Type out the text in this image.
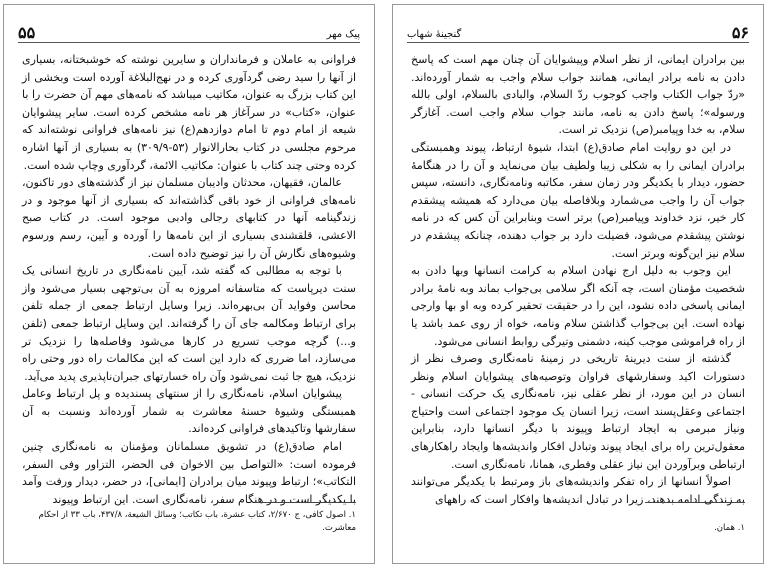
۵۵	پیک مهر

فراوانی به عاملان و فرمانداران و سایرین نوشته که خوشبختانه، بسیاری از آنها را سید رضی گردآوری کرده و در نهج‌البلاغة آورده است وبخشی از این کتاب بزرگ به عنوان، مکاتیب میباشد که نامه‌های مهم آن حضرت را با عنوان، «کتاب» در سرآغاز هر نامه مشخص کرده است. سایر پیشوایان شیعه از امام دوم تا امام دوازدهم(ع) نیز نامه‌های فراوانی نوشته‌اند که مرحوم مجلسی در کتاب بحارالانوار (۵۳-۳۰۹/۹) به بسیاری از آنها اشاره کرده وحتی چند کتاب با عنوان: مکاتیب الائمة، گردآوری وچاپ شده است.

عالمان، فقیهان، محدثان وادیبان مسلمان نیز از گذشته‌های دور تاکنون، نامه‌های فراوانی از خود باقی گذاشته‌اند که بسیاری از آنها موجود و در زندگینامه آنها در کتابهای رجالی وادبی موجود است. در کتاب صبح الاعشی، قلقشندی بسیاری از این نامه‌ها را آورده و آیین، رسم ورسوم وشیوه‌های نگارش آن را نیز توضیح داده است.

با توجه به مطالبی که گفته شد، آیین نامه‌نگاری در تاریخ انسانی یک سنت دیرپاست که متاسفانه امروزه به آن بی‌توجهی بسیار می‌شود واز محاسن وفواید آن بی‌بهره‌اند. زیرا وسایل ارتباط جمعی از جمله تلفن برای ارتباط ومکالمه جای آن را گرفته‌اند. این وسایل ارتباط جمعی (تلفن و...) گرچه موجب تسریع در کارها می‌شود وفاصله‌ها را نزدیک تر می‌سازد، اما ضرری که دارد این است که این مکالمات راه دور وحتی راه نزدیک، هیچ جا ثبت نمی‌شود وآن راه خسارتهای جبران‌ناپذیری پدید می‌آید.

پیشوایان اسلام، نامه‌نگاری را از سنتهای پسندیده و پل ارتباط وعامل همبستگی وشیوهٔ حسنهٔ معاشرت به شمار آورده‌اند ونسبت به آن سفارشها وتاکیدهای فراوانی کرده‌اند.

امام صادق(ع) در تشویق مسلمانان ومؤمنان به نامه‌نگاری چنین فرموده است: «التواصل بین الاخوان فی الحضر، التزاور وفی السفر، التکاتب»؛ ارتباط وپیوند میان برادران [ایمانی]، در حضر، دیدار ورفت وآمد با یکدیگر است و در هنگام سفر، نامه‌نگاری است. این ارتباط وپیوند

۱. اصول کافی، ج ۲/۶۷۰، کتاب عشرة، باب تکاتب؛ وسائل الشیعة، ۴۳۷/۸، باب ۳۳ از احکام معاشرت.
گنجینهٔ شهاب	۵۶

بین برادران ایمانی، از نظر اسلام وپیشوایان آن چنان مهم است که پاسخ دادن به نامه برادر ایمانی، همانند جواب سلام واجب به شمار آورده‌اند. «ردّ جواب الکتاب واجب کوجوب ردّ السلام، والبادی بالسلام، اولی بالله ورسوله»؛ پاسخ دادن به نامه، مانند جواب سلام واجب است. آغازگر سلام، به خدا وپیامبر(ص) نزدیک تر است.

در این دو روایت امام صادق(ع) ابتدا، شیوهٔ ارتباط، پیوند وهمبستگی برادران ایمانی را به شکلی زیبا ولطیف بیان می‌نماید و آن را در هنگامهٔ حضور، دیدار با یکدیگر ودر زمان سفر، مکاتبه ونامه‌نگاری، دانسته، سپس جواب آن را واجب می‌شمارد وبلافاصله بیان می‌دارد که همیشه پیشقدم کار خیر، نزد خداوند وپیامبر(ص) برتر است وبنابراین آن کس که در نامه نوشتن پیشقدم می‌شود، فضیلت دارد بر جواب دهنده، چنانکه پیشقدم در سلام نیز این‌گونه وبرتر است.

این وجوب به دلیل ارج نهادن اسلام به کرامت انسانها وبها دادن به شخصیت مؤمنان است، چه آنکه اگر سلامی بی‌جواب بماند وبه نامهٔ برادر ایمانی پاسخی داده نشود، این را در حقیقت تحقیر کرده وبه او بها وارجی نهاده است. این بی‌جواب گذاشتن سلام ونامه، خواه از روی عمد باشد یا از راه فراموشی موجب کینه، دشمنی وتیرگی روابط انسانی می‌شود.

گذشته از سنت دیرینهٔ تاریخی در زمینهٔ نامه‌نگاری وصرف نظر از دستورات اکید وسفارشهای فراوان وتوصیه‌های پیشوایان اسلام ونظر انسان در این مورد، از نظر عقلی نیز، نامه‌نگاری یک حرکت انسانی - اجتماعی وعقل‌پسند است، زیرا انسان یک موجود اجتماعی است واحتیاج ونیاز مبرمی به ایجاد ارتباط وپیوند با دیگر انسانها دارد، بنابراین معقول‌ترین راه برای ایجاد پیوند وتبادل افکار واندیشه‌ها وایجاد راهکارهای ارتباطی وبرآوردن این نیاز عقلی وفطری، همانا، نامه‌نگاری است.

اصولاً انسانها از راه تفکر واندیشه‌های باز ومرتبط با یکدیگر می‌توانند به زندگی ادامه بدهند، زیرا در تبادل اندیشه‌ها وافکار است که راههای

۱. همان.
